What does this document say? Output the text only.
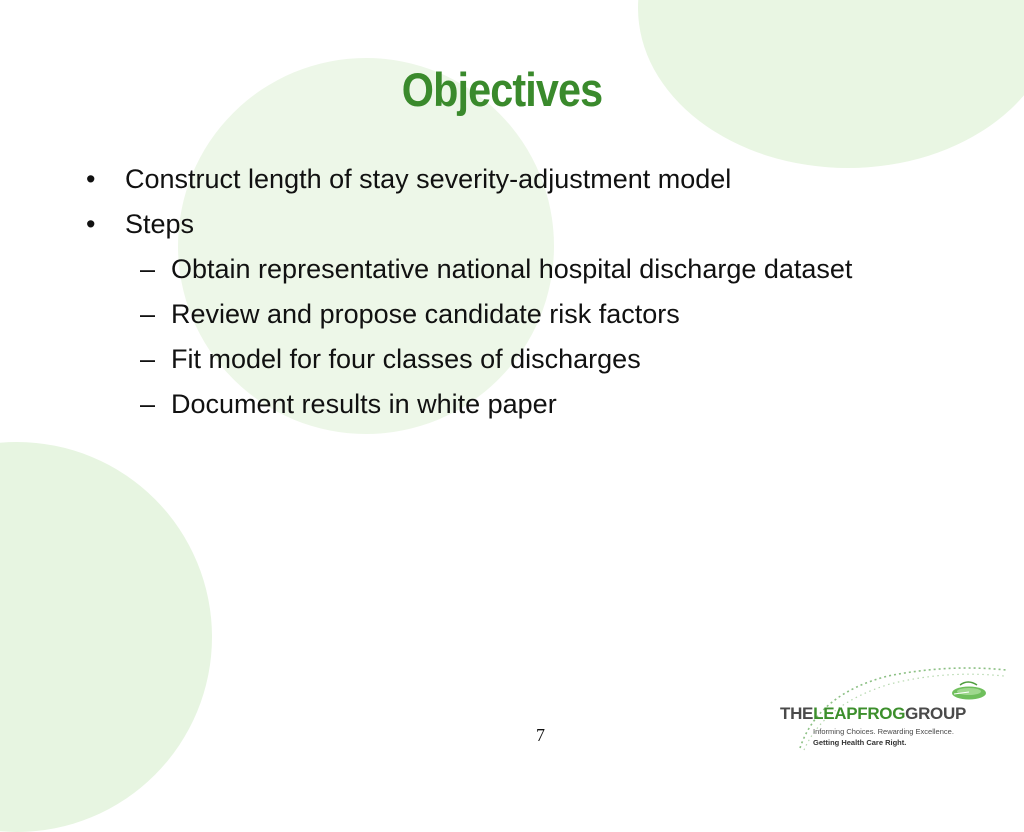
Objectives
• Construct length of stay severity-adjustment model
• Steps
– Obtain representative national hospital discharge dataset
– Review and propose candidate risk factors
– Fit model for four classes of discharges
– Document results in white paper
7
THELEAPFROGGROUP
Informing Choices. Rewarding Excellence.
Getting Health Care Right.
